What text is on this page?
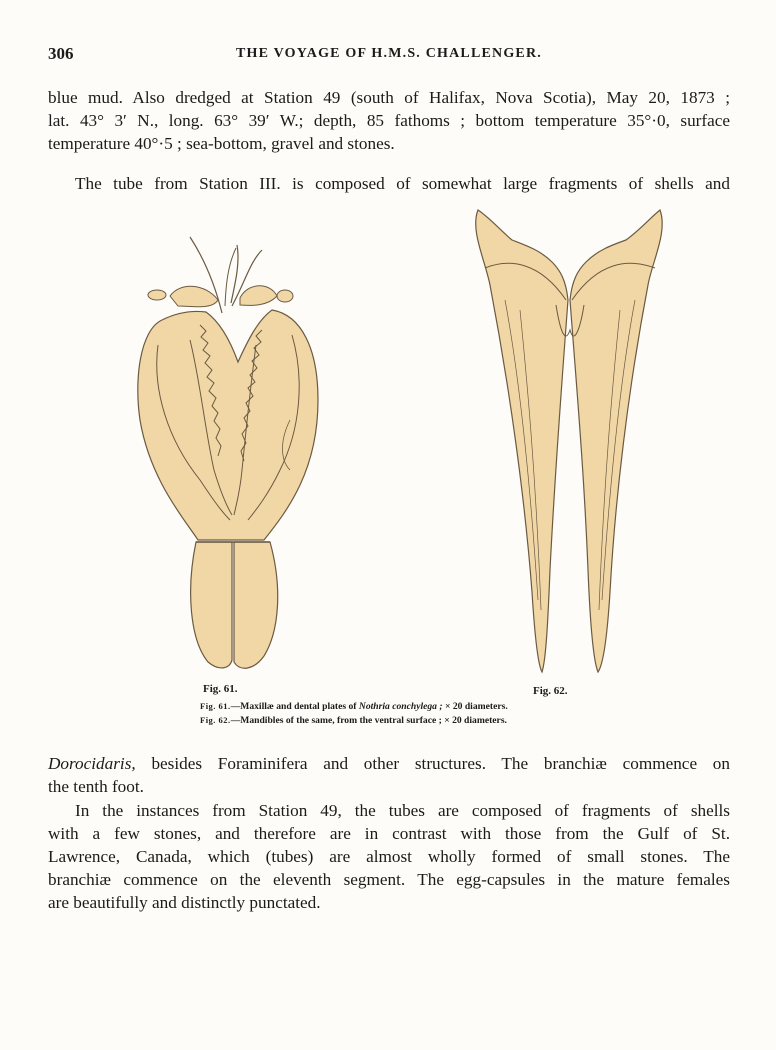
306	THE VOYAGE OF H.M.S. CHALLENGER.
blue mud. Also dredged at Station 49 (south of Halifax, Nova Scotia), May 20, 1873 ;
lat. 43° 3′ N., long. 63° 39′ W.; depth, 85 fathoms ; bottom temperature 35°·0, surface
temperature 40°·5 ; sea-bottom, gravel and stones.
The tube from Station III. is composed of somewhat large fragments of shells and
Fig. 61.	Fig. 62.
Fig. 61.—Maxillæ and dental plates of Nothria conchylega ; × 20 diameters.
Fig. 62.—Mandibles of the same, from the ventral surface ; × 20 diameters.
Dorocidaris, besides Foraminifera and other structures. The branchiæ commence on
the tenth foot.
In the instances from Station 49, the tubes are composed of fragments of shells
with a few stones, and therefore are in contrast with those from the Gulf of St.
Lawrence, Canada, which (tubes) are almost wholly formed of small stones. The
branchiæ commence on the eleventh segment. The egg-capsules in the mature females
are beautifully and distinctly punctated.
